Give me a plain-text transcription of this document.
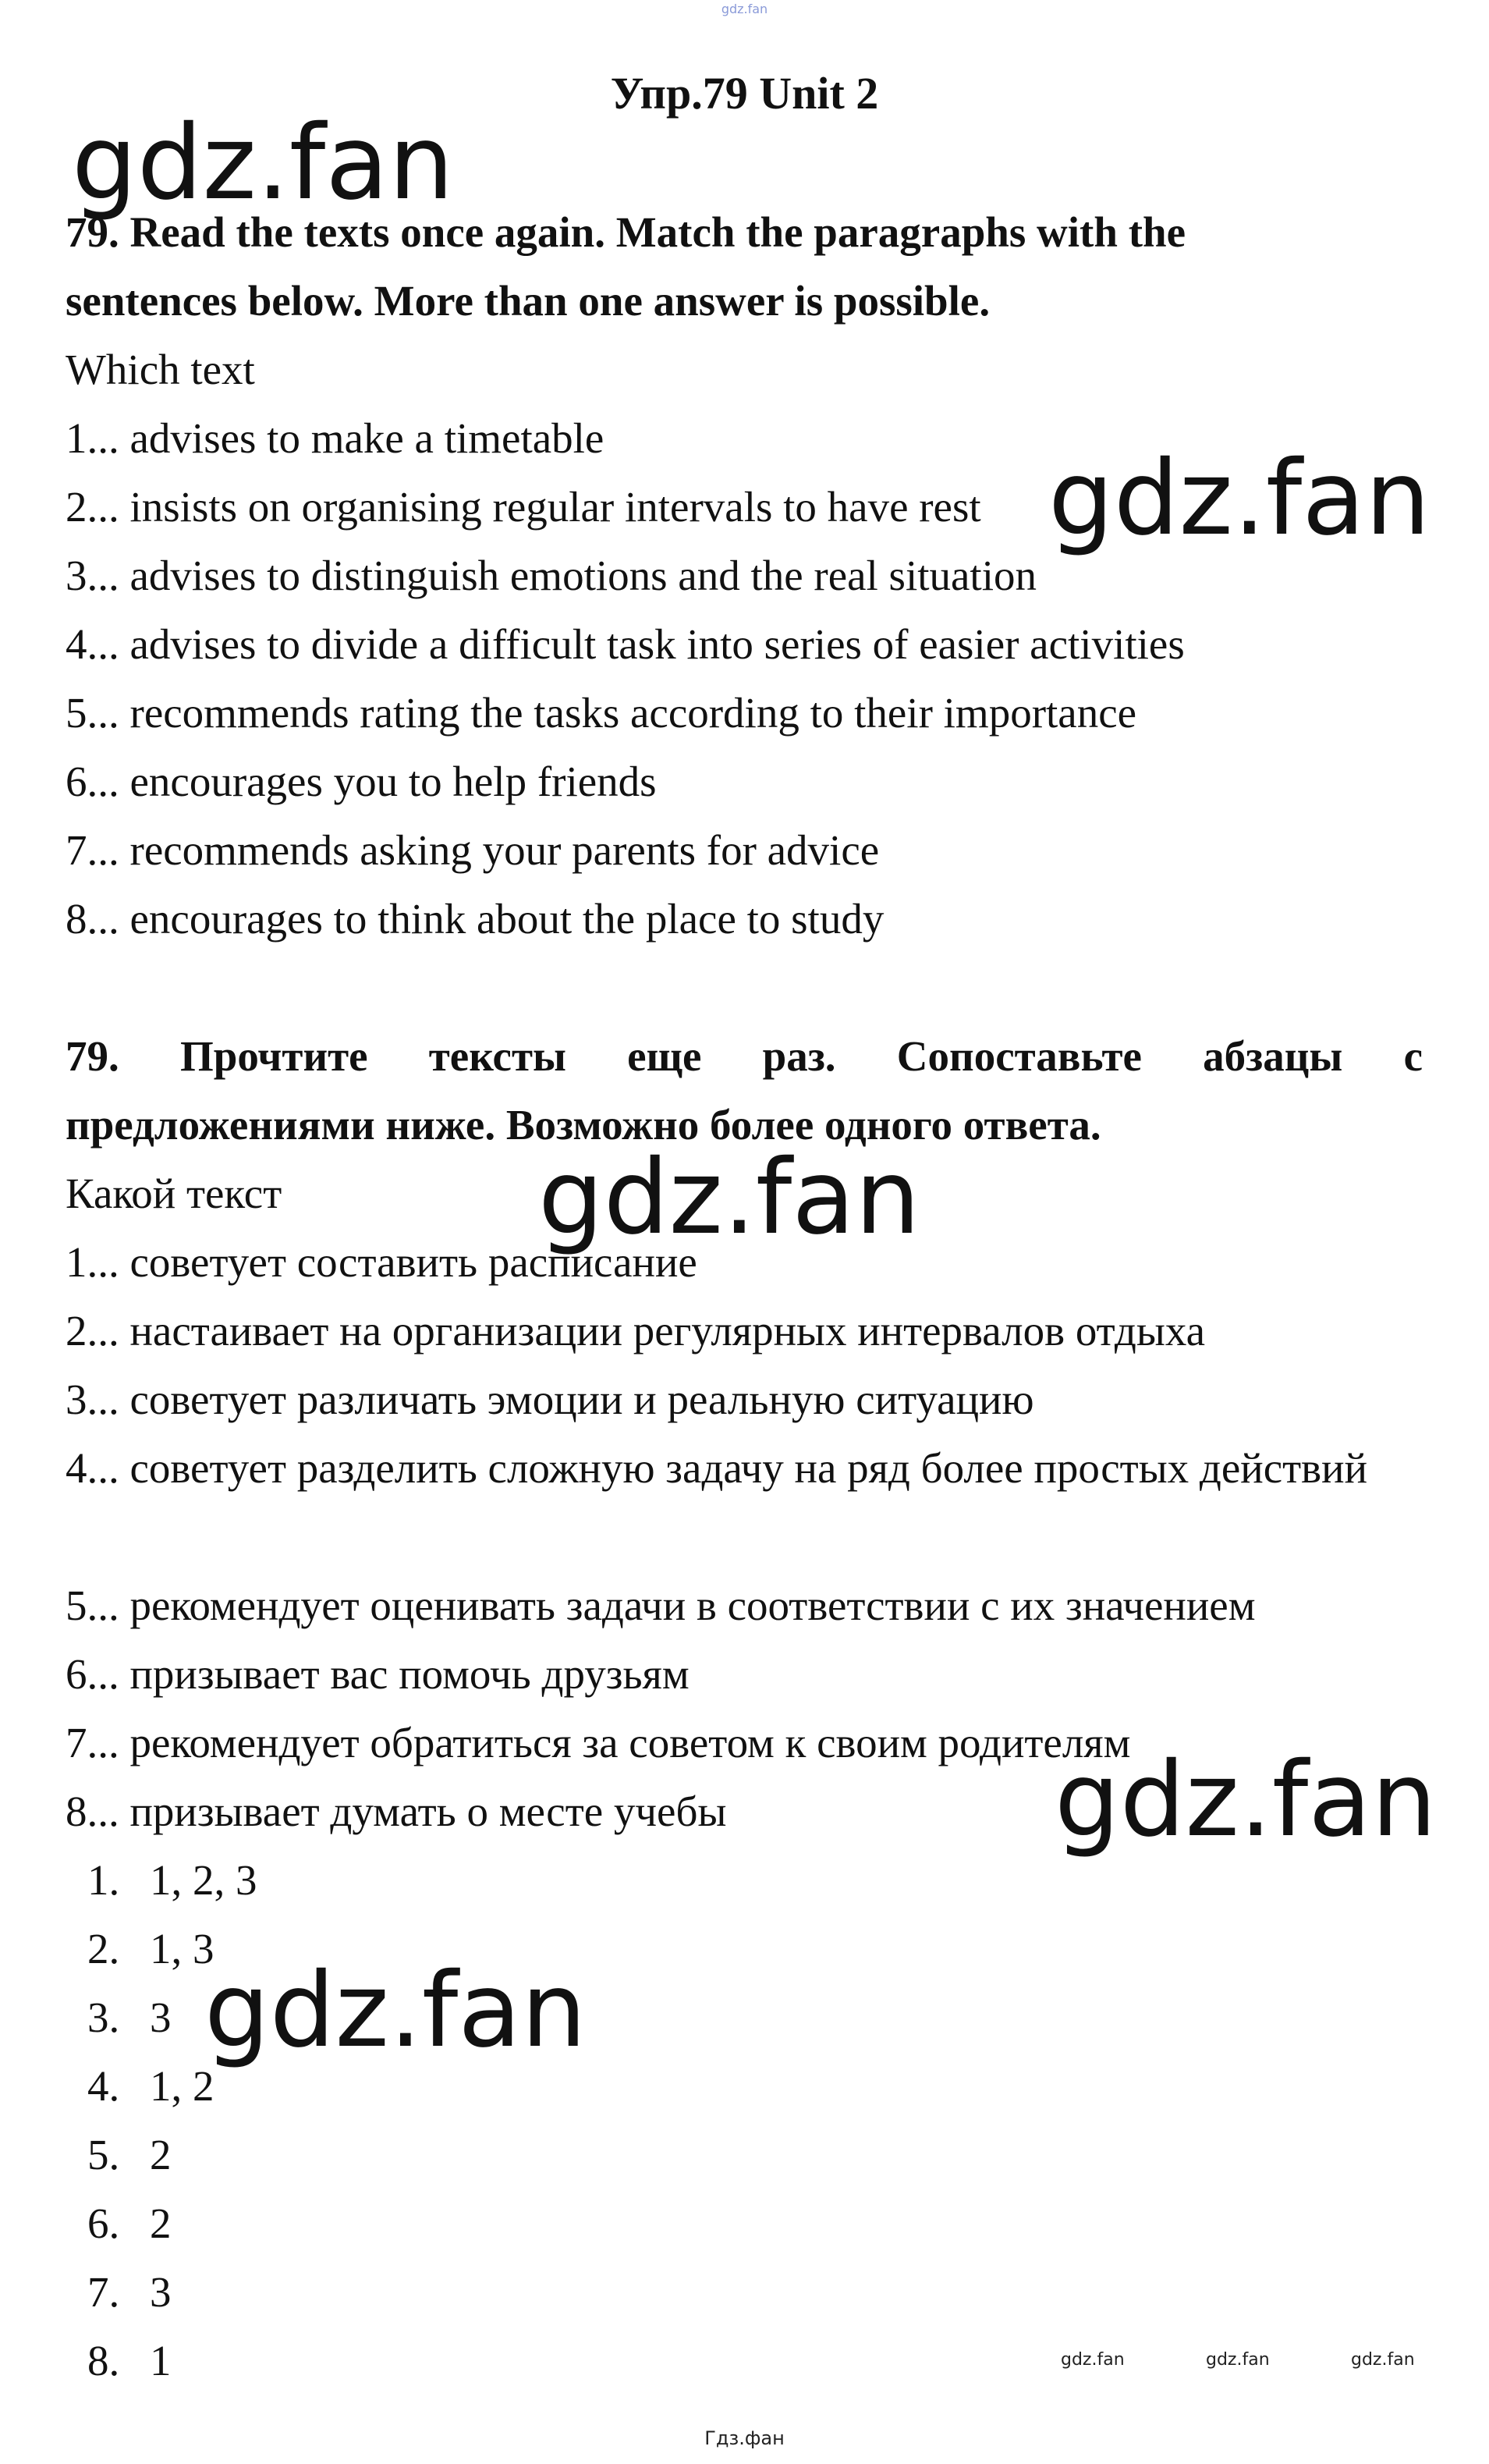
gdz.fan
Упр.79 Unit 2
gdz.fan
gdz.fan
gdz.fan
gdz.fan
gdz.fan
79. Read the texts once again. Match the paragraphs with the
sentences below. More than one answer is possible.
Which text
1... advises to make a timetable
2... insists on organising regular intervals to have rest
3... advises to distinguish emotions and the real situation
4... advises to divide a difficult task into series of easier activities
5... recommends rating the tasks according to their importance
6... encourages you to help friends
7... recommends asking your parents for advice
8... encourages to think about the place to study
79. Прочтите тексты еще раз. Сопоставьте абзацы с
предложениями ниже. Возможно более одного ответа.
Какой текст
1... советует составить расписание
2... настаивает на организации регулярных интервалов отдыха
3... советует различать эмоции и реальную ситуацию
4... советует разделить сложную задачу на ряд более простых действий
5... рекомендует оценивать задачи в соответствии с их значением
6... призывает вас помочь друзьям
7... рекомендует обратиться за советом к своим родителям
8... призывает думать о месте учебы
1. 1, 2, 3
2. 1, 3
3. 3
4. 1, 2
5. 2
6. 2
7. 3
8. 1	gdz.fan	gdz.fan	gdz.fan
Гдз.фан
